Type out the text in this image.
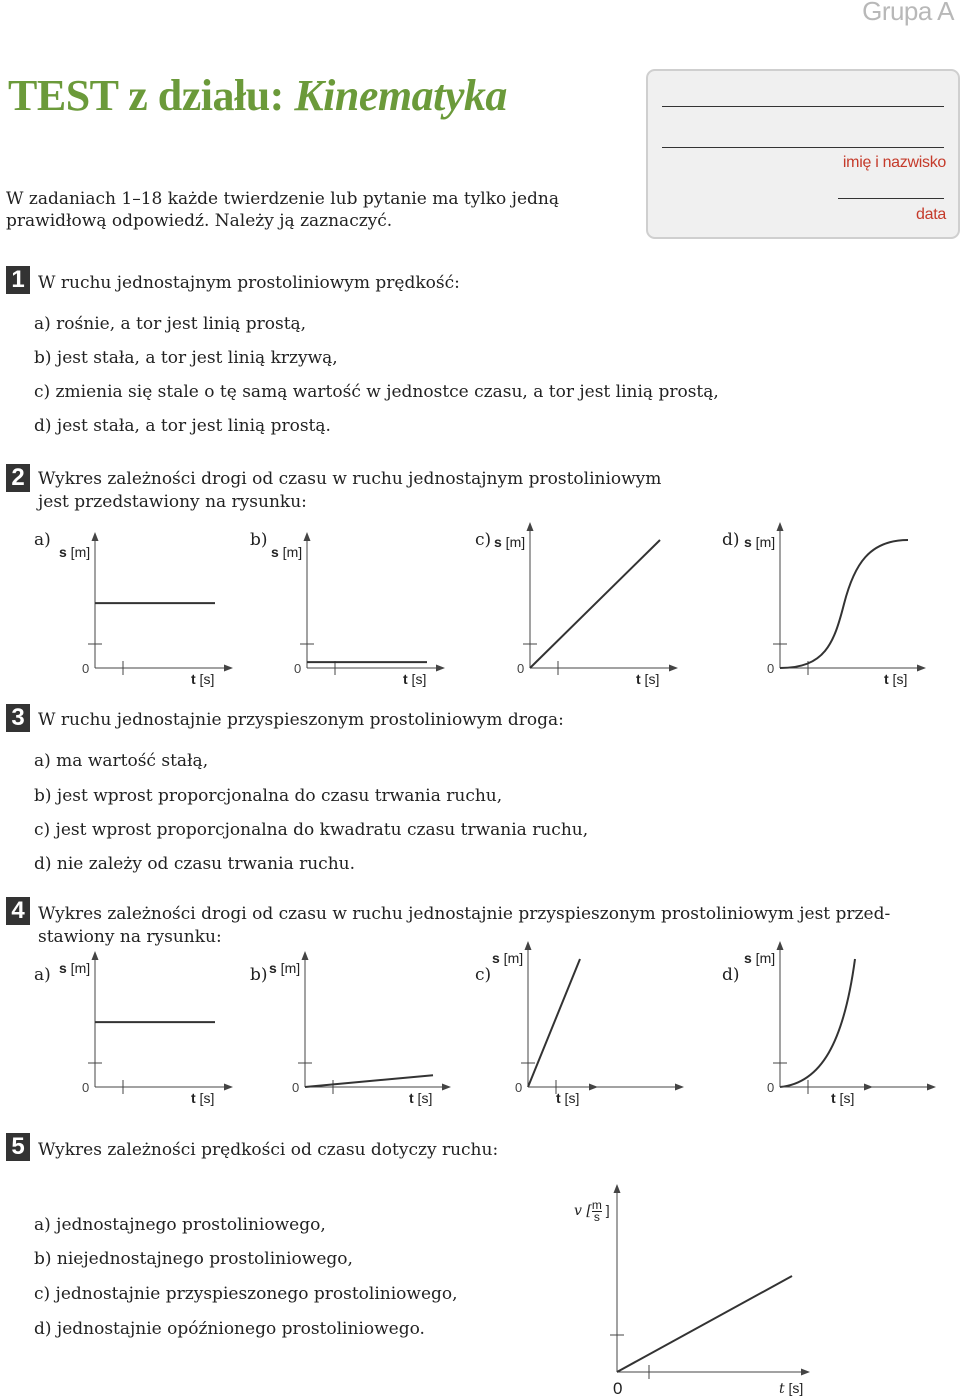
Grupa A
TEST z działu: Kinematyka
W zadaniach 1–18 każde twierdzenie lub pytanie ma tylko jedną prawidłową odpowiedź. Należy ją zaznaczyć.
imię i nazwisko
data
1 W ruchu jednostajnym prostoliniowym prędkość:
a) rośnie, a tor jest linią prostą,
b) jest stała, a tor jest linią krzywą,
c) zmienia się stale o tę samą wartość w jednostce czasu, a tor jest linią prostą,
d) jest stała, a tor jest linią prostą.
2 Wykres zależności drogi od czasu w ruchu jednostajnym prostoliniowym
jest przedstawiony na rysunku:
3 W ruchu jednostajnie przyspieszonym prostoliniowym droga:
a) ma wartość stałą,
b) jest wprost proporcjonalna do czasu trwania ruchu,
c) jest wprost proporcjonalna do kwadratu czasu trwania ruchu,
d) nie zależy od czasu trwania ruchu.
4 Wykres zależności drogi od czasu w ruchu jednostajnie przyspieszonym prostoliniowym jest przed-
stawiony na rysunku:
5 Wykres zależności prędkości od czasu dotyczy ruchu:
a) jednostajnego prostoliniowego,
b) niejednostajnego prostoliniowego,
c) jednostajnie przyspieszonego prostoliniowego,
d) jednostajnie opóźnionego prostoliniowego.
0	0	0	0
0	0	0	0
0
s [m]
t [s]
s [m]
t [s]
s [m]
t [s]
s [m]
t [s]
s [m]
t [s]
s [m]
t [s]
s [m]
t [s]
s [m]
t [s]
a)	b)	c)	d)
a)	b)	c)	d)
v [ $\frac{m}{s}$ ]
t [s]
